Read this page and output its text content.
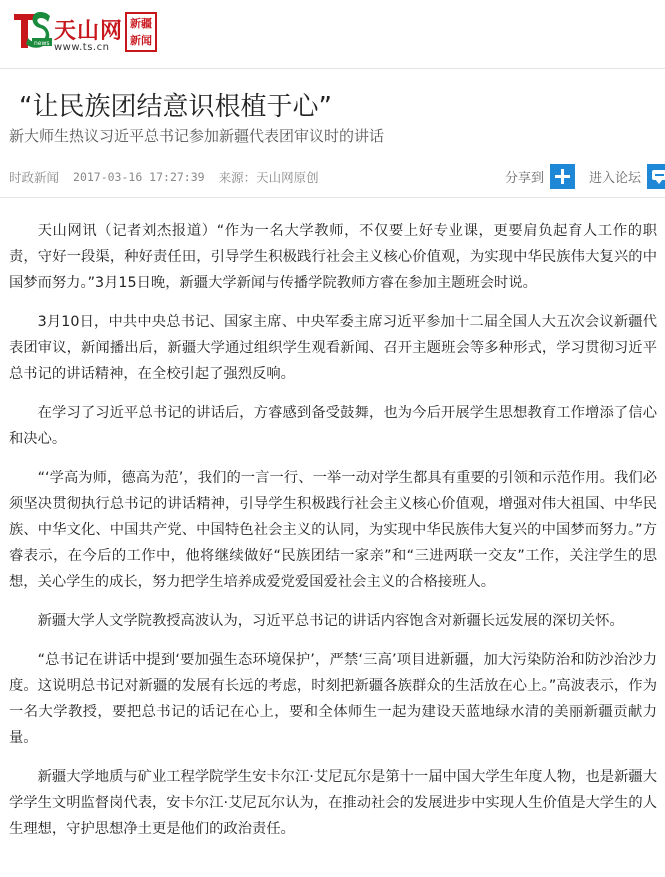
news 天山网
www.ts.cn
新疆新闻
“让民族团结意识根植于心”
新大师生热议习近平总书记参加新疆代表团审议时的讲话
时政新闻 2017-03-16 17:27:39 来源：天山网原创	分享到	进入论坛

天山网讯（记者刘杰报道）“作为一名大学教师，不仅要上好专业课，更要肩负起育人工作的职责，守好一段渠，种好责任田，引导学生积极践行社会主义核心价值观，为实现中华民族伟大复兴的中国梦而努力。”3月15日晚，新疆大学新闻与传播学院教师方睿在参加主题班会时说。

3月10日，中共中央总书记、国家主席、中央军委主席习近平参加十二届全国人大五次会议新疆代表团审议，新闻播出后，新疆大学通过组织学生观看新闻、召开主题班会等多种形式，学习贯彻习近平总书记的讲话精神，在全校引起了强烈反响。

在学习了习近平总书记的讲话后，方睿感到备受鼓舞，也为今后开展学生思想教育工作增添了信心和决心。

“‘学高为师，德高为范’，我们的一言一行、一举一动对学生都具有重要的引领和示范作用。我们必须坚决贯彻执行总书记的讲话精神，引导学生积极践行社会主义核心价值观，增强对伟大祖国、中华民族、中华文化、中国共产党、中国特色社会主义的认同，为实现中华民族伟大复兴的中国梦而努力。”方睿表示，在今后的工作中，他将继续做好“民族团结一家亲”和“三进两联一交友”工作，关注学生的思想，关心学生的成长，努力把学生培养成爱党爱国爱社会主义的合格接班人。

新疆大学人文学院教授高波认为，习近平总书记的讲话内容饱含对新疆长远发展的深切关怀。

“总书记在讲话中提到‘要加强生态环境保护’，严禁‘三高’项目进新疆，加大污染防治和防沙治沙力度。这说明总书记对新疆的发展有长远的考虑，时刻把新疆各族群众的生活放在心上。”高波表示，作为一名大学教授，要把总书记的话记在心上，要和全体师生一起为建设天蓝地绿水清的美丽新疆贡献力量。

新疆大学地质与矿业工程学院学生安卡尔江·艾尼瓦尔是第十一届中国大学生年度人物，也是新疆大学学生文明监督岗代表，安卡尔江·艾尼瓦尔认为，在推动社会的发展进步中实现人生价值是大学生的人生理想，守护思想净土更是他们的政治责任。
